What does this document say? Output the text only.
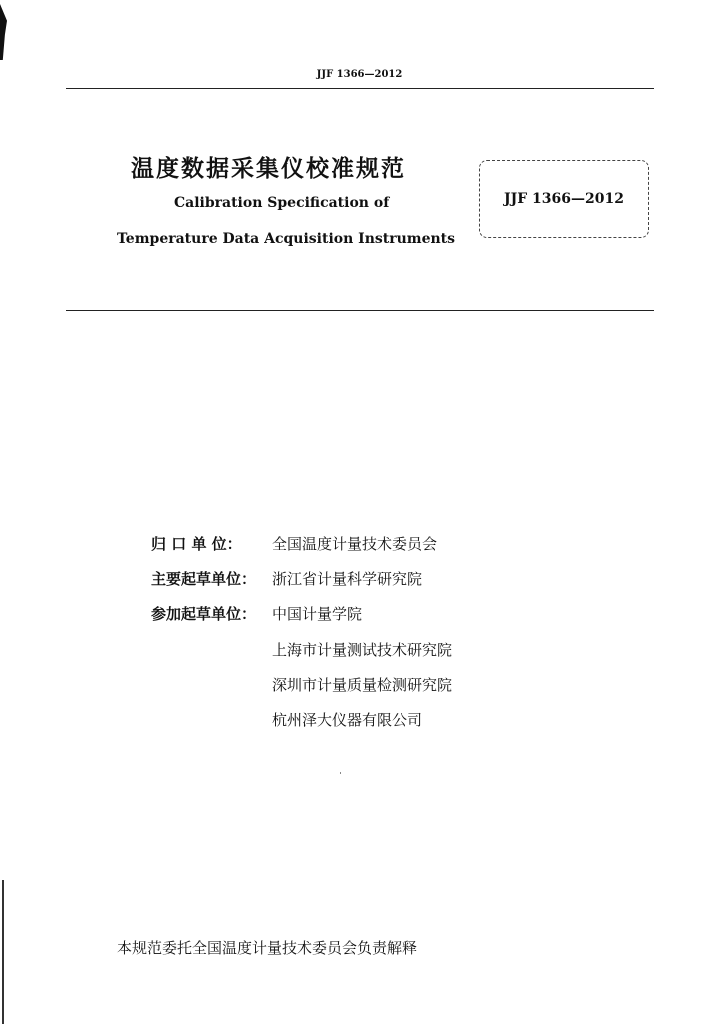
JJF 1366—2012
温度数据采集仪校准规范
Calibration Specification of
Temperature Data Acquisition Instruments
JJF 1366—2012
归 口 单 位： 全国温度计量技术委员会
主要起草单位： 浙江省计量科学研究院
参加起草单位： 中国计量学院
上海市计量测试技术研究院
深圳市计量质量检测研究院
杭州泽大仪器有限公司
本规范委托全国温度计量技术委员会负责解释
